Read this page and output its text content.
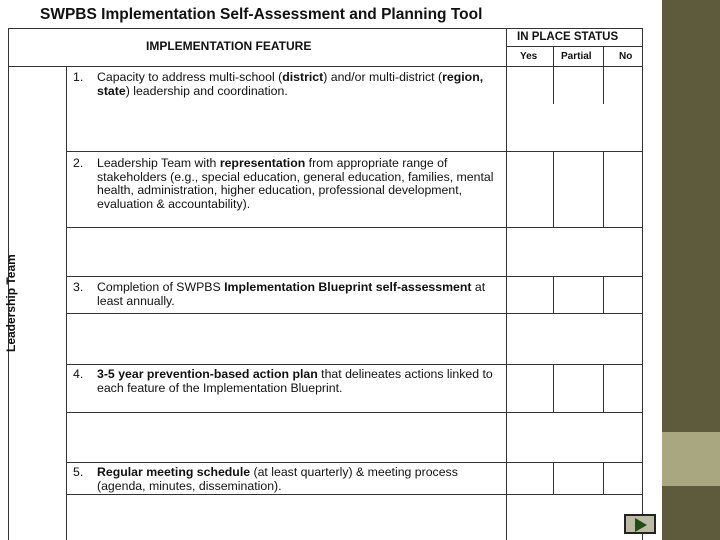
SWPBS Implementation Self-Assessment and Planning Tool
IMPLEMENTATION FEATURE
IN PLACE STATUS
Yes Partial	No
Leadership Team
1. Capacity to address multi-school (district) and/or multi-district (region, state) leadership and coordination.
2. Leadership Team with representation from appropriate range of stakeholders (e.g., special education, general education, families, mental health, administration, higher education, professional development, evaluation & accountability).
3. Completion of SWPBS Implementation Blueprint self-assessment at least annually.
4. 3-5 year prevention-based action plan that delineates actions linked to each feature of the Implementation Blueprint.
5. Regular meeting schedule (at least quarterly) & meeting process (agenda, minutes, dissemination).
